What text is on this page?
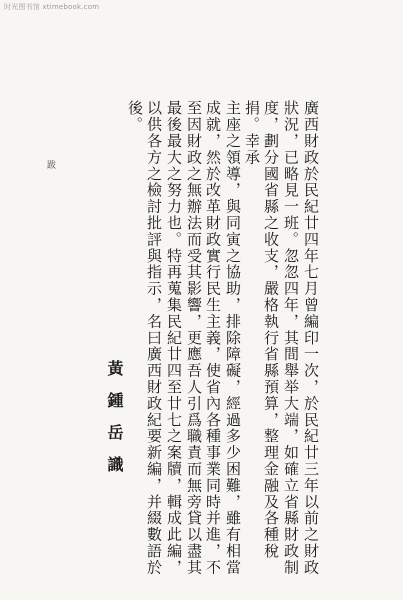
时光图书馆 xtimebook.com
廣西財政於民紀廿四年七月曾編印一次，於民紀廿三年以前之財政
狀況，已略見一班。忽忽四年，其間舉举大端，如確立省縣財政制
度，劃分國省縣之收支，嚴格執行省縣預算，整理金融及各種稅
捐。幸承
主座之領導，與同寅之協助，排除障礙，經過多少困難，雖有相當
成就，然於改革財政實行民生主義，使省內各種事業同時并進，不
至因財政之無辦法而受其影響，更應吾人引爲職責而無旁貸以盡其
最後最大之努力也。特再蒐集民紀廿四至廿七之案牘，輯成此編，
以供各方之檢討批評與指示，名曰廣西財政紀要新編，并綴數語於
後。
跋
黃鍾岳識
